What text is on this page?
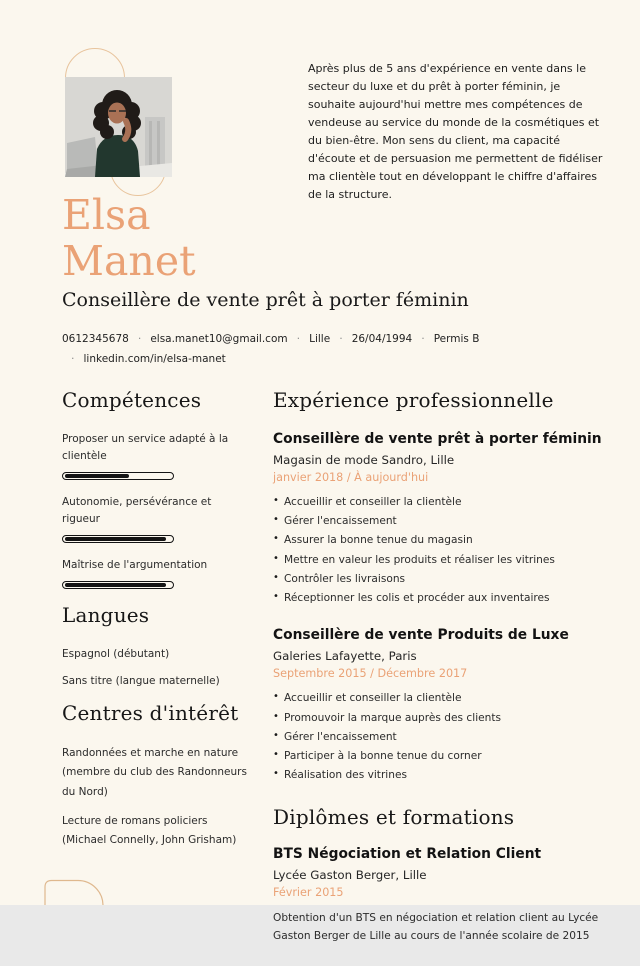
Après plus de 5 ans d'expérience en vente dans le secteur du luxe et du prêt à porter féminin, je souhaite aujourd'hui mettre mes compétences de vendeuse au service du monde de la cosmétiques et du bien-être. Mon sens du client, ma capacité d'écoute et de persuasion me permettent de fidéliser ma clientèle tout en développant le chiffre d'affaires de la structure.

Elsa
Manet
Conseillère de vente prêt à porter féminin
0612345678 · elsa.manet10@gmail.com · Lille · 26/04/1994 · Permis B
· linkedin.com/in/elsa-manet
Compétences
Proposer un service adapté à la clientèle
Autonomie, persévérance et rigueur
Maîtrise de l'argumentation
Langues
Espagnol (débutant)
Sans titre (langue maternelle)
Centres d'intérêt
Randonnées et marche en nature (membre du club des Randonneurs du Nord)
Lecture de romans policiers (Michael Connelly, John Grisham)
Expérience professionnelle
Conseillère de vente prêt à porter féminin
Magasin de mode Sandro, Lille
janvier 2018 / À aujourd'hui
• Accueillir et conseiller la clientèle
• Gérer l'encaissement
• Assurer la bonne tenue du magasin
• Mettre en valeur les produits et réaliser les vitrines
• Contrôler les livraisons
• Réceptionner les colis et procéder aux inventaires
Conseillère de vente Produits de Luxe
Galeries Lafayette, Paris
Septembre 2015 / Décembre 2017
• Accueillir et conseiller la clientèle
• Promouvoir la marque auprès des clients
• Gérer l'encaissement
• Participer à la bonne tenue du corner
• Réalisation des vitrines
Diplômes et formations
BTS Négociation et Relation Client
Lycée Gaston Berger, Lille
Février 2015

Obtention d'un BTS en négociation et relation client au Lycée Gaston Berger de Lille au cours de l'année scolaire de 2015
